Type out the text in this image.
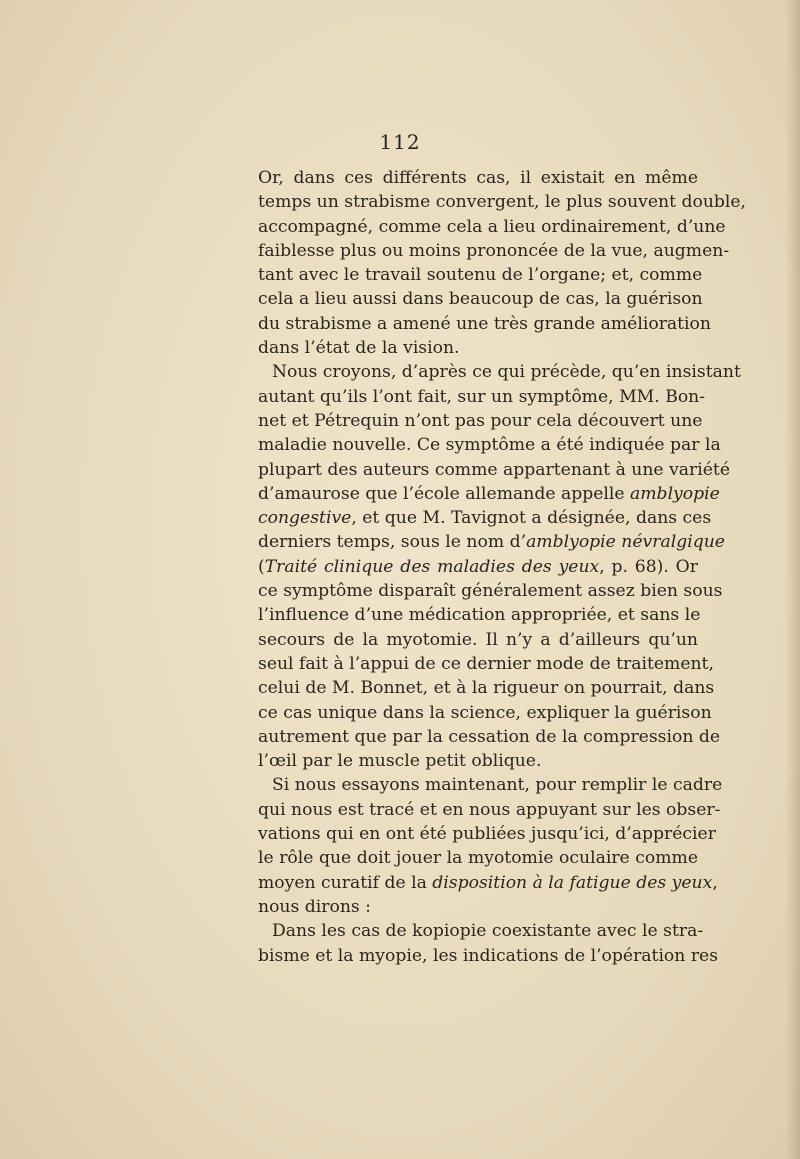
112
Or, dans ces différents cas, il existait en même
temps un strabisme convergent, le plus souvent double,
accompagné, comme cela a lieu ordinairement, d’une
faiblesse plus ou moins prononcée de la vue, augmen-
tant avec le travail soutenu de l’organe; et, comme
cela a lieu aussi dans beaucoup de cas, la guérison
du strabisme a amené une très grande amélioration
dans l’état de la vision.
Nous croyons, d’après ce qui précède, qu’en insistant
autant qu’ils l’ont fait, sur un symptôme, MM. Bon-
net et Pétrequin n’ont pas pour cela découvert une
maladie nouvelle. Ce symptôme a été indiquée par la
plupart des auteurs comme appartenant à une variété
d’amaurose que l’école allemande appelle amblyopie
congestive, et que M. Tavignot a désignée, dans ces
derniers temps, sous le nom d’amblyopie névralgique
(Traité clinique des maladies des yeux, p. 68). Or
ce symptôme disparaît généralement assez bien sous
l’influence d’une médication appropriée, et sans le
secours de la myotomie. Il n’y a d’ailleurs qu’un
seul fait à l’appui de ce dernier mode de traitement,
celui de M. Bonnet, et à la rigueur on pourrait, dans
ce cas unique dans la science, expliquer la guérison
autrement que par la cessation de la compression de
l’œil par le muscle petit oblique.
Si nous essayons maintenant, pour remplir le cadre
qui nous est tracé et en nous appuyant sur les obser-
vations qui en ont été publiées jusqu’ici, d’apprécier
le rôle que doit jouer la myotomie oculaire comme
moyen curatif de la disposition à la fatigue des yeux,
nous dirons :
Dans les cas de kopiopie coexistante avec le stra-
bisme et la myopie, les indications de l’opération res
